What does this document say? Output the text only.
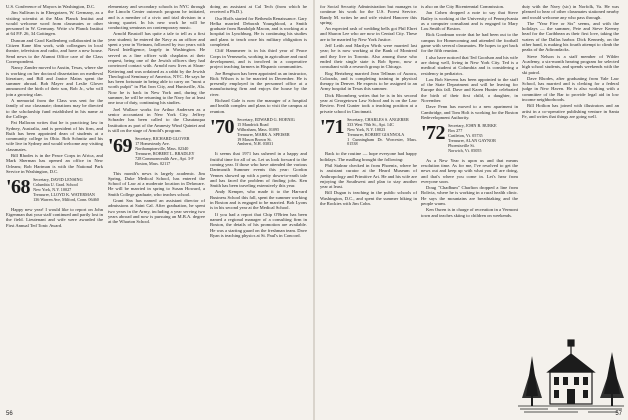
U.S. Conference of Mayors in Washington, D.C.

Jim Sullivan is in Ebergotzen, W. Germany, as a visiting scientist at the Max Planck Institut and would welcome word from classmates or other personnel in W. Germany. Write c/o Planck Institut at 64 P.F. 26, 34 Gottingen.

Duncan and Carol Kadlenberg collaborated in the Citizen Kane film work, with colleagues in local theatre, television and radio, and have a new house. Send news to the Alumni Office care of the Class Correspondent.

Nancy Zander moved to Austin, Texas, where she is working on her doctoral dissertation on medieval literature, and Bill and Janice Mains spent the summer abroad. Bob Mayer and Leslie Glover announced the birth of their son, Bob Jr., who will join a growing clan.

A memorial from the Class was sent for the family of our classmate; donations may be directed to the scholarship fund established in his name at the College.

Pat Halloran writes that he is practicing law in Sydney, Australia, and is president of his firm, and Ruth has been appointed dean of students at a community college in Ohio. Bob Schmitz and his wife live in Sydney and would welcome any visiting classmates.

Bill Rhodes is in the Peace Corps in Africa, and Mark Sherman has opened an office in New Orleans; Bob Hartman is with the National Park Service in Washington, D.C.

'68 Secretary, DAVID LENSING
Columbia U. Grad. School
New York, N.Y. 10027
Treasurer, LLOYD K. WATERMAN
136 Warren Ave, Milford, Conn. 06460

Happy new year! I would like to report on John Eigenman that your staff continued and partly lost in the field. Lieutenant and wife were awarded the First Annual Ted Tonic Award.

elementary and secondary schools in NYC through the Lincoln Center outreach program he initiated, and is a member of a civic and trial division in a strong quartet. In his new work he will be conducting seminars on contemporary music.

Arnold Brustoff has quite a tale to tell as a first year student; he entered the Navy as an officer and spent a year in Vietnam, followed by two years with Naval Intelligence, largely in Washington. He served as a line officer with chaplains at their request, being one of the Jewish officers they had convinced contact with. Arnold now lives at Sloan-Kettering and was ordained as a rabbi by the Jewish Theological Seminary of America, NYC. He says he has been fortunate in being able to carry on "most a worth pulpit" in Flat Iron City, and Huntsville, Ala. Now he is back in New York and, during the summer, he will be returning to the Navy for at least one tour of duty, continuing his studies.

Joel Wallace works for Arthur Andersen as a senior accountant in New York City. Jeffrey Schrader has been called to the Chautauqua Institution as part of the Amnesty Wind Quintet and is still on the stage of Arnold's program.

'69 Secretary, RICHARD GLOVER
17 Homesteady Ave.
Northamptonville, Mass. 02340
Treasurer, ROBERT L. BRADLEY
728 Commonwealth Ave., Apt. 3-F
Boston, Mass. 02117

This month's news is largely academic. Jim Spring, Duke Medical School, has entered the School of Law at a moderate location in Delaware. He will be married in spring to Susan Howard, a Smith College graduate, who teaches school.

Grant Sax has named an assistant director of admissions at Saint Cal. After graduation, he spent two years in the Army, including a year serving two years abroad and now is pursuing an M.B.A. degree at the Wharton School.

doing an assistant at Cal Tech (from which he received a Ph.D.).

Our Hoffs started for Bethesda Renaissance. Gary Hefka married Deborah Youngblood, a Smith graduate from Randolph Macon, and is working at a hospital in Lynchburg. He is continuing his studies and plans to teach once his military obligation is completed.

Cliff Hammerer is in his third year of Peace Corps in Venezuela, working in agriculture and rural development, and is involved in a cooperative project teaching farmers in Hispanic communities.

Joe Bengtson has been appointed as an instructor, Rick Wilson is to be married in December. He is presently employed in the personnel office at a manufacturing firm and enjoys the house by the river.

Richard Gale is now the manager of a hospital and health complex and plans to visit the campus at reunion.

'70 Secretary, EDWARD G. HOENIG
15 Mandrick Road
Wilbraham, Mass. 01095
Treasurer, MARK A. SPEISER
19 Mason Brown St.
Amherst, N.H. 03031

It seems that 1971 has ushered in a happy and fruitful time for all of us. Let us look forward to the coming year. If those who have attended the various Dartmouth Summer events this year: Gordon Vennes showed up with a pretty down-to-earth tale and has faced the problem of finding jobs. Ken Smith has been traveling extensively this year.

Andy Kemper, who made it to the Harvard Business School this fall, spent the summer working in Boston and is engaged to be married. Bob Lyons is in his second year at the Medical School.

If you had a report that Chip O'Brien has been named a regional manager of a consulting firm in Boston, the details of his promotion are available. He was a starting guard on the freshman team. Dave Ryan is teaching physics at St. Paul's in Concord.

56

for Social Security Administration but manages to continue his work for the U.S. Forest Service. Randy M. writes he and wife visited Hanover this spring.

An expected rash of wedding bells got Phil Ehret and Sharon Lee who are now in Central City. These are to be married by New York Justice.

Jeff Leith and Marilyn Wirth were married last year; he is now working at the Bank of Montreal and they live in Toronto. Also among those who ended their single state is Bob Spero, now a consultant with a research group in Chicago.

Rog Hertzberg married Jean Tellman of Aurora, Colorado, and is completing training in physical therapy in Denver. He expects to be assigned to an Army hospital in Texas this summer.

Dick Bloomberg writes that he is in his second year at Georgetown Law School and is on the Law Review. Fred Gunter took a teaching position at a private school in Cincinnati.

'71 Secretary, CHARLES S. ANGERER
333 West 70th St., Apt. 14C
New York, N.Y. 10023
Treasurer, ROBERT GIANNOLA
1 Cunningham Dr. Worcester, Mass. 01538

Back to the routine — hope everyone had happy holidays. The mailbag brought the following:

Phil Stalnnr checked in from Phoenix, where he is assistant curator at the Heard Museum of Anthropology and Primitive Art. He and his wife are enjoying the Southwest and plan to stay another year at least.

Bill Dugan is teaching in the public schools of Washington, D.C., and spent the summer hiking in the Rockies with Jim Cohn.

is also on the City Bicentennial Commission.

Jan Cohen dropped a note to say that Steve Bailey is working at the University of Pennsylvania as a computer consultant and is engaged to Mary Lou Smith of Boston.

Rick Goodman wrote that he had been out to the campus for Homecoming and attended the football game with several classmates. He hopes to get back for the fifth reunion.

I also have noticed that Ted Goodson and his wife are doing well, living in New York City. Ted is a medical student at Columbia and is considering a residency in pediatrics.

Lou Bob Stevens has been appointed to the staff of the State Department and will be leaving for Europe this fall. Dave and Karen Hunter celebrated the birth of their first child, a daughter, in November.

Dave Fenn has moved to a new apartment in Cambridge, and Tom Holt is working for the Boston Redevelopment Authority.

'72 Secretary, JOHN B. BURKE
Box 277
Castleton, Vt. 05735
Treasurer, ALAN GAYNOR
Phoenixville St.
Norwich, Vt. 05055

As a New Year is upon us and that means resolution time. As for me, I've resolved to get the news out and keep up with what you all are doing, and that's where you come in. Let's hear from everyone soon.

Doug "Chadbum" Charlton dropped a line from Bolivia, where he is working in a rural health clinic. He says the mountains are breathtaking and the people warm.

Ken Ouren is in charge of recreation in a Vermont town and teaches skiing to children on weekends.

duty with the Navy (sic) in Norfolk, Va. He was pleased to hear of other classmates stationed nearby and would welcome any who pass through.

The "Year Five or Six" seems, and with the holidays — the summer, Pete and Steve Keeney head for the Caribbean as their first love, taking the waters of the Dallas harbor. Dick Kennedy, on the other hand, is making his fourth attempt to climb the peaks of the Adirondacks.

Steve Nelson is a staff member of Wilder Academy, a six-month hearing program for selected high school students, and spends weekends with the ski patrol.

Dave Rhodes, after graduating from Yale Law School, has married and is clerking for a federal judge in New Haven. He is also working with a committee of the Bar to provide legal aid in low income neighborhoods.

Bill Hotlion has joined with illustrators and an artist in a co-operative publishing venture in Santa Fe, and writes that things are going well.

57
